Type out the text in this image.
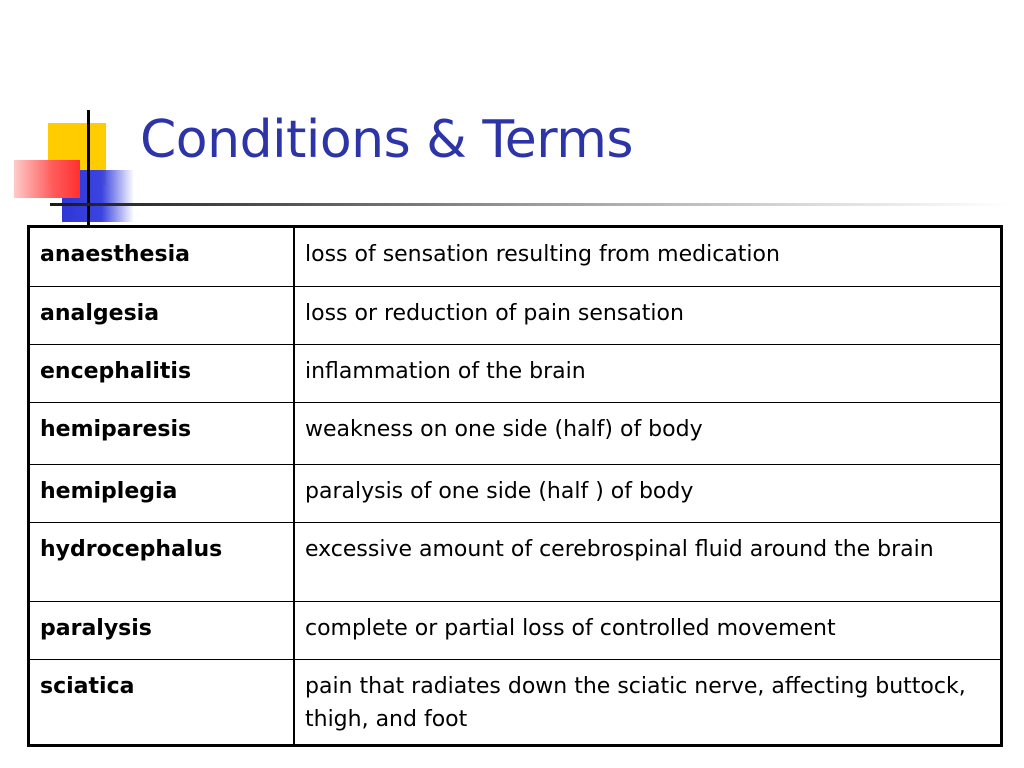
Conditions & Terms
anaesthesia	loss of sensation resulting from medication
analgesia	loss or reduction of pain sensation
encephalitis	inflammation of the brain
hemiparesis	weakness on one side (half) of body
hemiplegia	paralysis of one side (half ) of body
hydrocephalus	excessive amount of cerebrospinal fluid around the brain
paralysis	complete or partial loss of controlled movement
sciatica	pain that radiates down the sciatic nerve, affecting buttock, thigh, and foot
